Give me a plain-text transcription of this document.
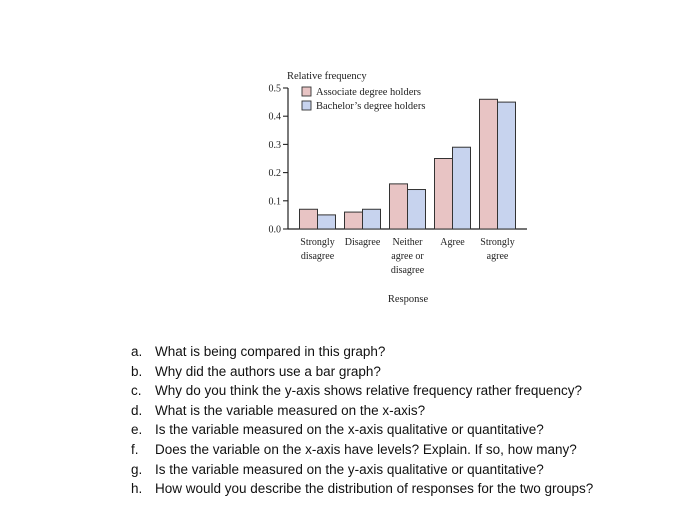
0.0
0.1
0.2
0.3
0.4
0.5
Strongly
disagree
Disagree Neither
agree or
disagree
Agree Strongly
agree
Relative frequency
Associate degree holders
Bachelor’s degree holders
Response
a. What is being compared in this graph?
b. Why did the authors use a bar graph?
c. Why do you think the y-axis shows relative frequency rather frequency?
d. What is the variable measured on the x-axis?
e. Is the variable measured on the x-axis qualitative or quantitative?
f.	Does the variable on the x-axis have levels? Explain. If so, how many?
g. Is the variable measured on the y-axis qualitative or quantitative?
h. How would you describe the distribution of responses for the two groups?
